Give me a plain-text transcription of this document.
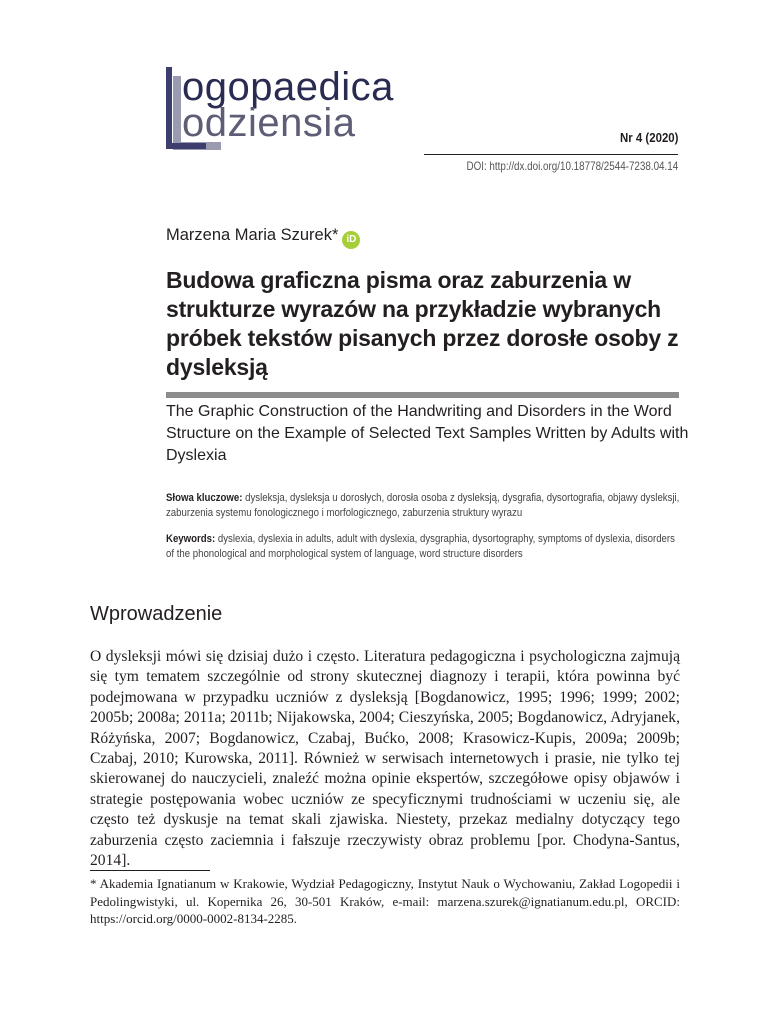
ogopaedica
odziensia	Nr 4 (2020)
DOI: http://dx.doi.org/10.18778/2544-7238.04.14
Marzena Maria Szurek* iD
Budowa graficzna pisma oraz zaburzenia w strukturze wyrazów na przykładzie wybranych próbek tekstów pisanych przez dorosłe osoby z dysleksją

The Graphic Construction of the Handwriting and Disorders in the Word Structure on the Example of Selected Text Samples Written by Adults with Dyslexia

Słowa kluczowe: dysleksja, dysleksja u dorosłych, dorosła osoba z dysleksją, dysgrafia, dysortografia, objawy dysleksji, zaburzenia systemu fonologicznego i morfologicznego, zaburzenia struktury wyrazu

Keywords: dyslexia, dyslexia in adults, adult with dyslexia, dysgraphia, dysortography, symptoms of dyslexia, disorders of the phonological and morphological system of language, word structure disorders

Wprowadzenie

O dysleksji mówi się dzisiaj dużo i często. Literatura pedagogiczna i psychologiczna zajmują się tym tematem szczególnie od strony skutecznej diagnozy i terapii, która powinna być podejmowana w przypadku uczniów z dysleksją [Bogdanowicz, 1995; 1996; 1999; 2002; 2005b; 2008a; 2011a; 2011b; Nijakowska, 2004; Cieszyńska, 2005; Bogdanowicz, Adryjanek, Różyńska, 2007; Bogdanowicz, Czabaj, Bućko, 2008; Krasowicz-Kupis, 2009a; 2009b; Czabaj, 2010; Kurowska, 2011]. Również w serwisach internetowych i prasie, nie tylko tej skierowanej do nauczycieli, znaleźć można opinie ekspertów, szczegółowe opisy objawów i strategie postępowania wobec uczniów ze specyficznymi trudnościami w uczeniu się, ale często też dyskusje na temat skali zjawiska. Niestety, przekaz medialny dotyczący tego zaburzenia często zaciemnia i fałszuje rzeczywisty obraz problemu [por. Chodyna-Santus, 2014].

* Akademia Ignatianum w Krakowie, Wydział Pedagogiczny, Instytut Nauk o Wychowaniu, Zakład Logopedii i Pedolingwistyki, ul. Kopernika 26, 30-501 Kraków, e-mail: marzena.szurek@ignatianum.edu.pl, ORCID: https://orcid.org/0000-0002-8134-2285.
